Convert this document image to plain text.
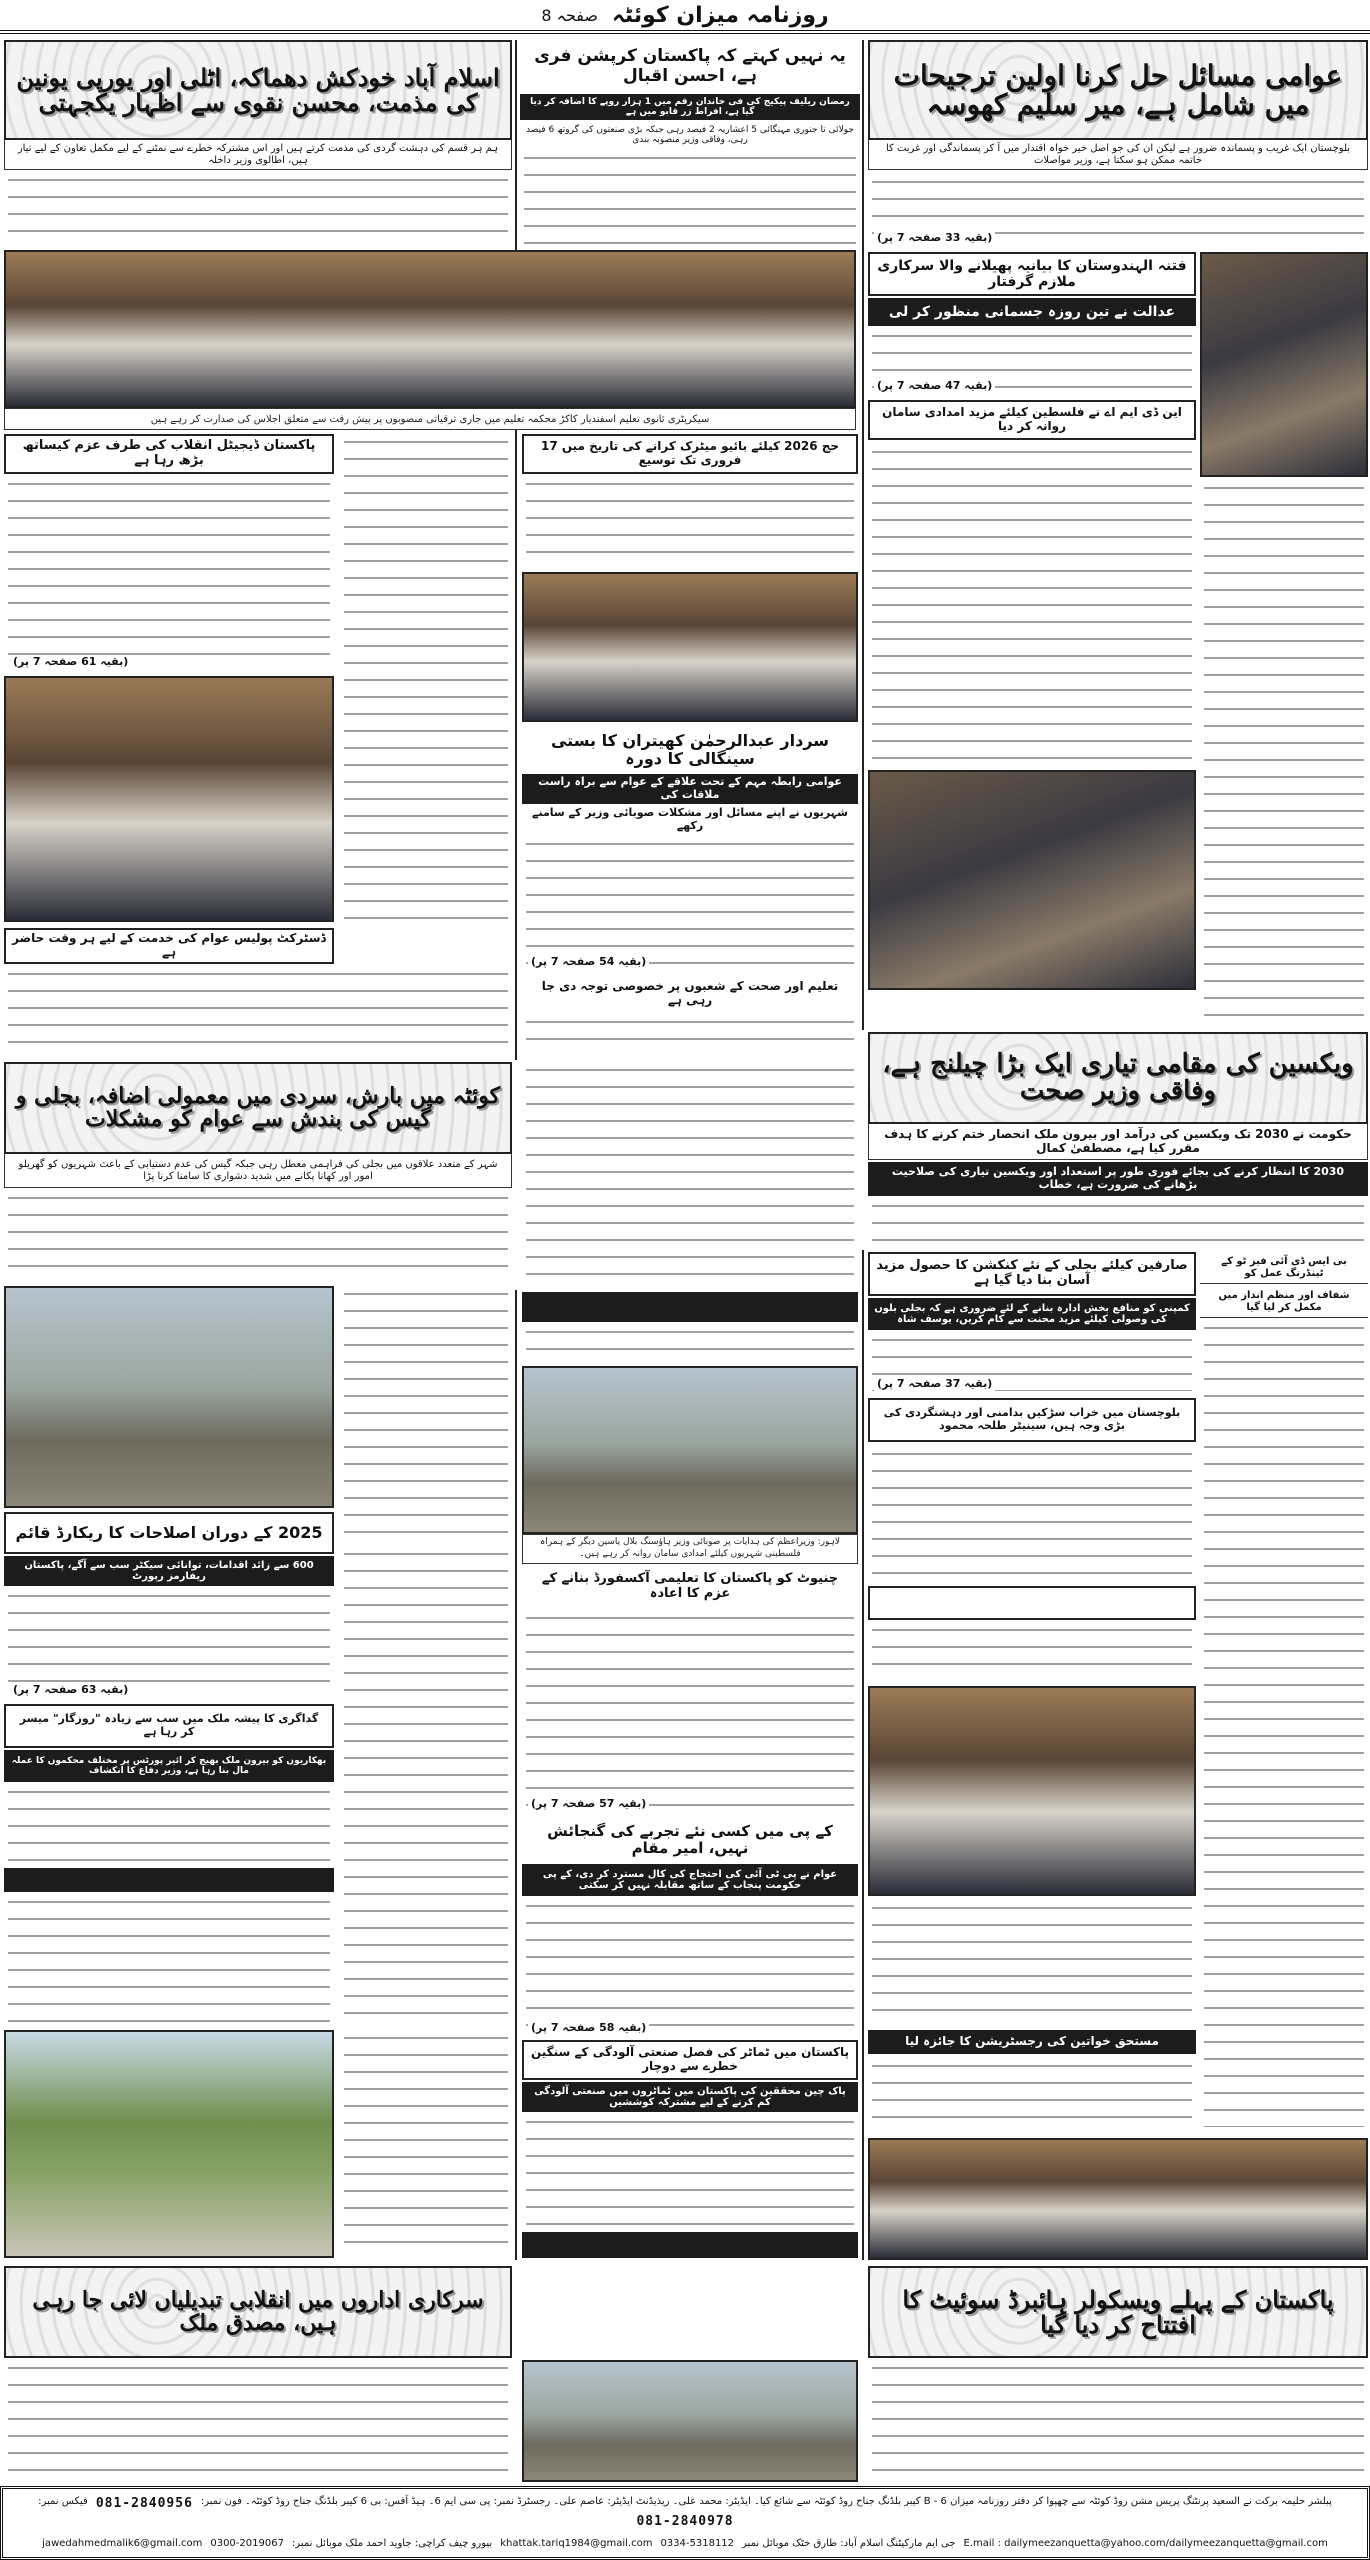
روزنامہ میزان کوئٹہ
صفحہ 8
عوامی مسائل حل کرنا اولین ترجیحات میں شامل ہے، میر سلیم کھوسہ
بلوچستان ایک غریب و پسماندہ ضرور ہے لیکن ان کی جو اصل خیر خواہ اقتدار میں آ کر پسماندگی اور غربت کا خاتمہ ممکن ہو سکتا ہے، وزیر مواصلات
(بقیہ 33 صفحہ 7 پر)
فتنہ الہندوستان کا بیانیہ پھیلانے والا سرکاری ملازم گرفتار
عدالت نے تین روزہ جسمانی منظور کر لی
(بقیہ 47 صفحہ 7 پر)
این ڈی ایم اے نے فلسطین کیلئے مزید امدادی سامان روانہ کر دیا
ویکسین کی مقامی تیاری ایک بڑا چیلنج ہے، وفاقی وزیر صحت
حکومت نے 2030 تک ویکسین کی درآمد اور بیرون ملک انحصار ختم کرنے کا ہدف مقرر کیا ہے، مصطفیٰ کمال
2030 کا انتظار کرنے کی بجائے فوری طور پر استعداد اور ویکسین تیاری کی صلاحیت بڑھانے کی ضرورت ہے، خطاب
صارفین کیلئے بجلی کے نئے کنکشن کا حصول مزید آسان بنا دیا گیا ہے
کمپنی کو منافع بخش ادارہ بنانے کے لئے ضروری ہے کہ بجلی بلوں کی وصولی کیلئے مزید محنت سے کام کریں، یوسف شاہ
(بقیہ 37 صفحہ 7 پر)
بی ایس ڈی آئی فیز ٹو کے ٹینڈرنگ عمل کو
شفاف اور منظم انداز میں مکمل کر لیا گیا
بلوچستان میں خراب سڑکیں بدامنی اور دہشتگردی کی بڑی وجہ ہیں، سینیٹر طلحہ محمود
مستحق خواتین کی رجسٹریشن کا جائزہ لیا
پاکستان کے پہلے ویسکولر ہائبرڈ سوئیٹ کا افتتاح کر دیا گیا
یہ نہیں کہتے کہ پاکستان کرپشن فری ہے، احسن اقبال
رمضان ریلیف پیکیج کی فی خاندان رقم میں 1 ہزار روپے کا اضافہ کر دیا گیا ہے، افراط زر قابو میں ہے
جولائی تا جنوری مہنگائی 5 اعشاریہ 2 فیصد رہی جبکہ بڑی صنعتوں کی گروتھ 6 فیصد رہی، وفاقی وزیر منصوبہ بندی
سیکریٹری ثانوی تعلیم اسفندیار کاکڑ محکمہ تعلیم میں جاری ترقیاتی منصوبوں پر پیش رفت سے متعلق اجلاس کی صدارت کر رہے ہیں
حج 2026 کیلئے بائیو میٹرک کرانے کی تاریخ میں 17 فروری تک توسیع
سردار عبدالرحمٰن کھیتران کا بستی سینگالی کا دورہ
عوامی رابطہ مہم کے تحت علاقے کے عوام سے براہ راست ملاقات کی
شہریوں نے اپنے مسائل اور مشکلات صوبائی وزیر کے سامنے رکھے
(بقیہ 54 صفحہ 7 پر)
تعلیم اور صحت کے شعبوں پر خصوصی توجہ دی جا رہی ہے
لاہور: وزیراعظم کی ہدایات پر صوبائی وزیر ہاؤسنگ بلال یاسین دیگر کے ہمراہ فلسطینی شہریوں کیلئے امدادی سامان روانہ کر رہے ہیں۔
چنیوٹ کو پاکستان کا تعلیمی آکسفورڈ بنانے کے عزم کا اعادہ
(بقیہ 57 صفحہ 7 پر)
کے پی میں کسی نئے تجربے کی گنجائش نہیں، امیر مقام
عوام نے پی ٹی آئی کی احتجاج کی کال مسترد کر دی، کے پی حکومت پنجاب کے ساتھ مقابلہ نہیں کر سکتی
(بقیہ 58 صفحہ 7 پر)
پاکستان میں ٹماٹر کی فصل صنعتی آلودگی کے سنگین خطرے سے دوچار
پاک چین محققین کی پاکستان میں ٹماٹروں میں صنعتی آلودگی کم کرنے کے لیے مشترکہ کوششیں
اسلام آباد خودکش دھماکہ، اٹلی اور یورپی یونین کی مذمت، محسن نقوی سے اظہار یکجہتی
ہم ہر قسم کی دہشت گردی کی مذمت کرتے ہیں اور اس مشترکہ خطرے سے نمٹنے کے لیے مکمل تعاون کے لیے تیار ہیں، اطالوی وزیر داخلہ
پاکستان ڈیجیٹل انقلاب کی طرف عزم کیساتھ بڑھ رہا ہے
(بقیہ 61 صفحہ 7 پر)
ڈسٹرکٹ پولیس عوام کی خدمت کے لیے ہر وقت حاضر ہے
کوئٹہ میں بارش، سردی میں معمولی اضافہ، بجلی و گیس کی بندش سے عوام کو مشکلات
شہر کے متعدد علاقوں میں بجلی کی فراہمی معطل رہی جبکہ گیس کی عدم دستیابی کے باعث شہریوں کو گھریلو امور اور کھانا پکانے میں شدید دشواری کا سامنا کرنا پڑا
2025 کے دوران اصلاحات کا ریکارڈ قائم
600 سے زائد اقدامات، توانائی سیکٹر سب سے آگے، پاکستان ریفارمز رپورٹ
(بقیہ 63 صفحہ 7 پر)
گداگری کا پیشہ ملک میں سب سے زیادہ "روزگار" میسر کر رہا ہے
بھکاریوں کو بیرون ملک بھیج کر ائیر پورٹس پر مختلف محکموں کا عملہ مال بنا رہا ہے، وزیر دفاع کا انکشاف
سرکاری اداروں میں انقلابی تبدیلیاں لائی جا رہی ہیں، مصدق ملک
پبلشر حلیمہ برکت نے السعید پرنٹنگ پریس مشن روڈ کوئٹہ سے چھپوا کر دفتر روزنامہ میزان B - 6 کیبر بلڈنگ جناح روڈ کوئٹہ سے شائع کیا۔ ایڈیٹر: محمد علی۔ ریذیڈنٹ ایڈیٹر: عاصم علی۔ رجسٹرڈ نمبر: پی سی ایم 6۔ ہیڈ آفس: بی 6 کیبر بلڈنگ جناح روڈ کوئٹہ۔ فون نمبر:
081-2840956
فیکس نمبر:
081-2840978
E.mail : dailymeezanquetta@yahoo.com/dailymeezanquetta@gmail.com
جی ایم مارکیٹنگ اسلام آباد: طارق خٹک موبائل نمبر
0334-5318112
khattak.tariq1984@gmail.com
بیورو چیف کراچی: جاوید احمد ملک موبائل نمبر:
0300-2019067
jawedahmedmalik6@gmail.com
